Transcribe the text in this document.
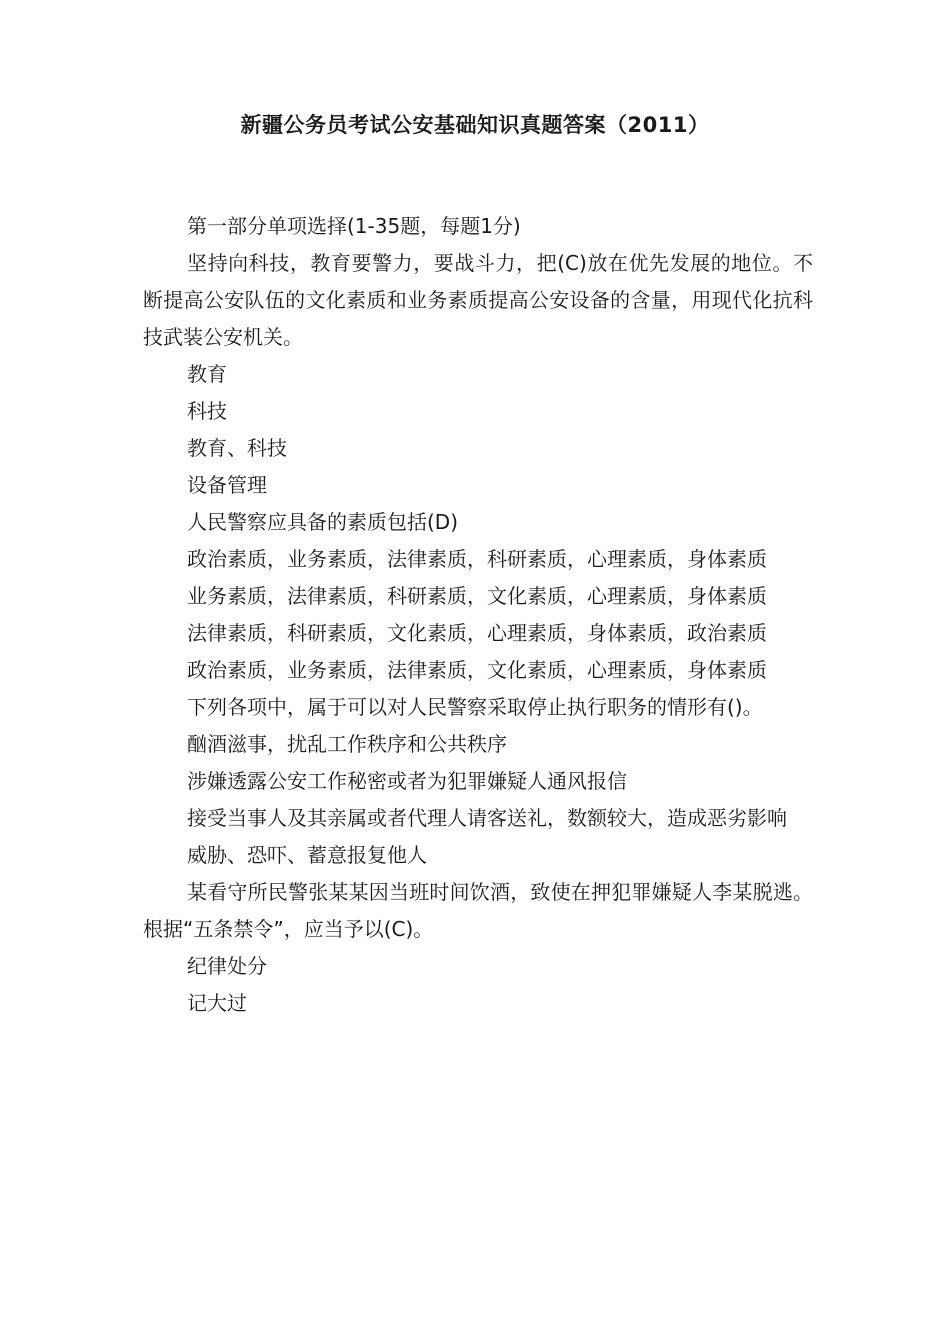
新疆公务员考试公安基础知识真题答案（2011）

第一部分单项选择(1-35题，每题1分)

坚持向科技，教育要警力，要战斗力，把(C)放在优先发展的地位。不断提高公安队伍的文化素质和业务素质提高公安设备的含量，用现代化抗科技武装公安机关。

教育

科技

教育、科技

设备管理

人民警察应具备的素质包括(D)

政治素质，业务素质，法律素质，科研素质，心理素质，身体素质

业务素质，法律素质，科研素质，文化素质，心理素质，身体素质

法律素质，科研素质，文化素质，心理素质，身体素质，政治素质

政治素质，业务素质，法律素质，文化素质，心理素质，身体素质

下列各项中，属于可以对人民警察采取停止执行职务的情形有()。

酗酒滋事，扰乱工作秩序和公共秩序

涉嫌透露公安工作秘密或者为犯罪嫌疑人通风报信

接受当事人及其亲属或者代理人请客送礼，数额较大，造成恶劣影响

威胁、恐吓、蓄意报复他人

某看守所民警张某某因当班时间饮酒，致使在押犯罪嫌疑人李某脱逃。根据“五条禁令”，应当予以(C)。

纪律处分

记大过
